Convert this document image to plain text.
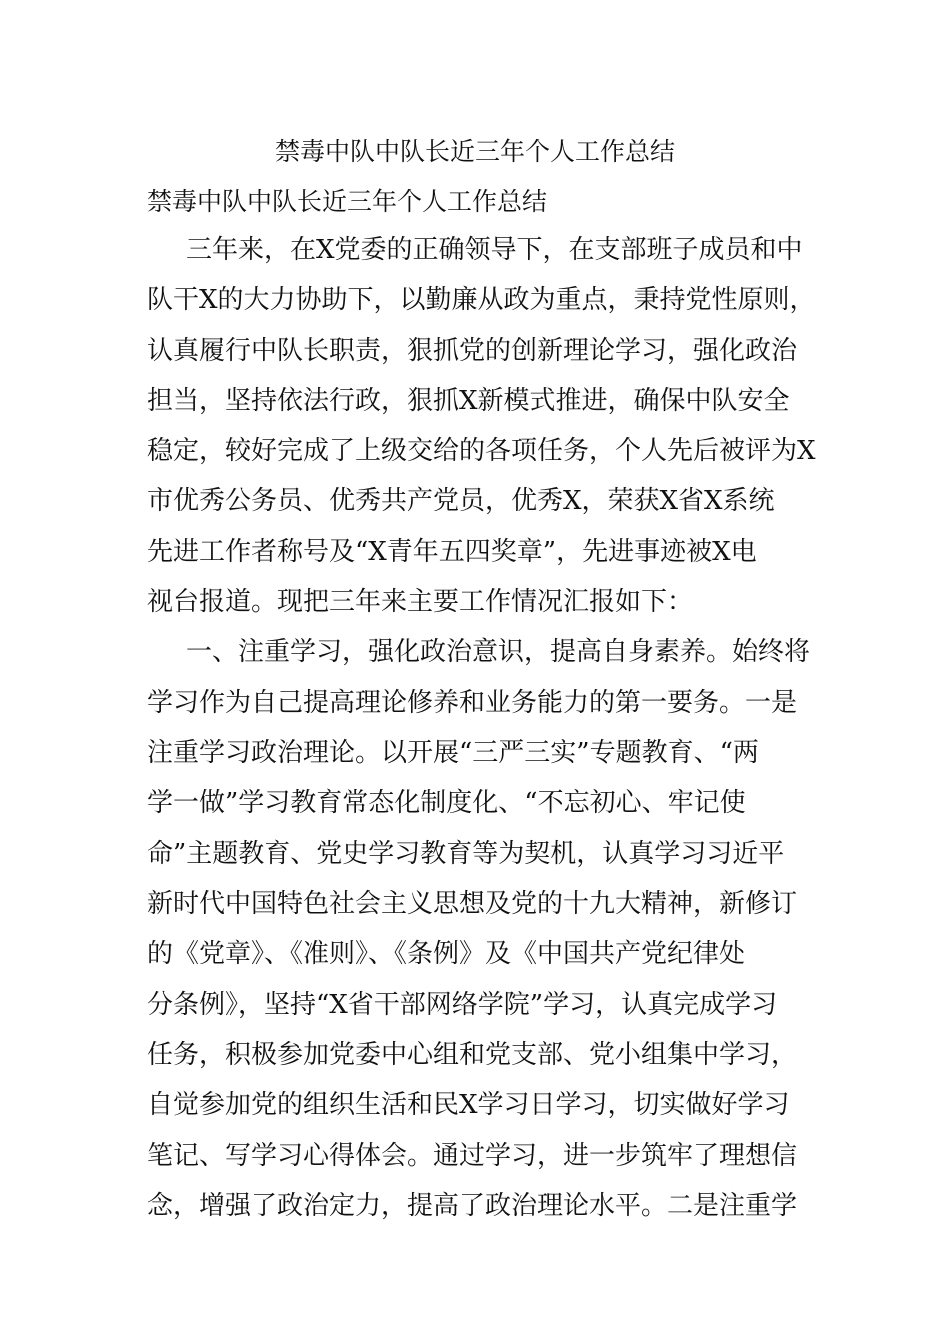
禁毒中队中队长近三年个人工作总结
禁毒中队中队长近三年个人工作总结
三年来，在X党委的正确领导下，在支部班子成员和中
队干X的大力协助下，以勤廉从政为重点，秉持党性原则，
认真履行中队长职责，狠抓党的创新理论学习，强化政治
担当，坚持依法行政，狠抓X新模式推进，确保中队安全
稳定，较好完成了上级交给的各项任务，个人先后被评为X
市优秀公务员、优秀共产党员，优秀X，荣获X省X系统
先进工作者称号及“X青年五四奖章”，先进事迹被X电
视台报道。现把三年来主要工作情况汇报如下：
一、注重学习，强化政治意识，提高自身素养。始终将
学习作为自己提高理论修养和业务能力的第一要务。一是
注重学习政治理论。以开展“三严三实”专题教育、“两
学一做”学习教育常态化制度化、“不忘初心、牢记使
命”主题教育、党史学习教育等为契机，认真学习习近平
新时代中国特色社会主义思想及党的十九大精神，新修订
的《党章》、《准则》、《条例》及《中国共产党纪律处
分条例》，坚持“X省干部网络学院”学习，认真完成学习
任务，积极参加党委中心组和党支部、党小组集中学习，
自觉参加党的组织生活和民X学习日学习，切实做好学习
笔记、写学习心得体会。通过学习，进一步筑牢了理想信
念，增强了政治定力，提高了政治理论水平。二是注重学
